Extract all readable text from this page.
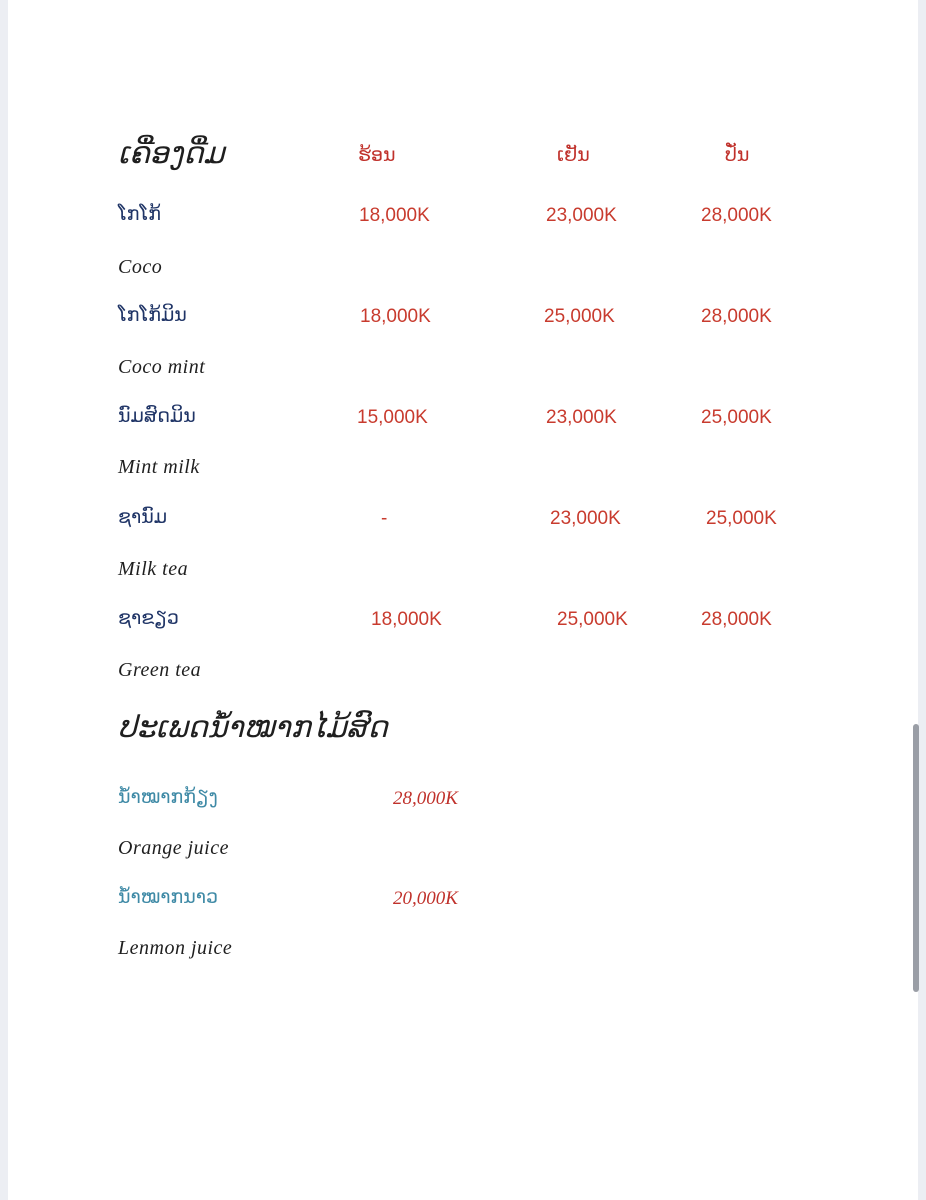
ເຄື່ອງດື່ມ	ຮ້ອນ	ເຢັນ	ປັ່ນ
ໂກໂກ້	18,000K	23,000K	28,000K
Coco
ໂກໂກ້ມິນ	18,000K	25,000K	28,000K
Coco mint
ນົມສົດມິນ	15,000K	23,000K	25,000K
Mint milk
ຊານົມ	-	23,000K	25,000K
Milk tea
ຊາຂຽວ	18,000K	25,000K	28,000K
Green tea
ປະເພດນ້ຳໝາກໄມ້ສົດ
ນ້ຳໝາກກ້ຽງ	28,000K
Orange juice
ນ້ຳໝາກນາວ	20,000K
Lenmon juice
